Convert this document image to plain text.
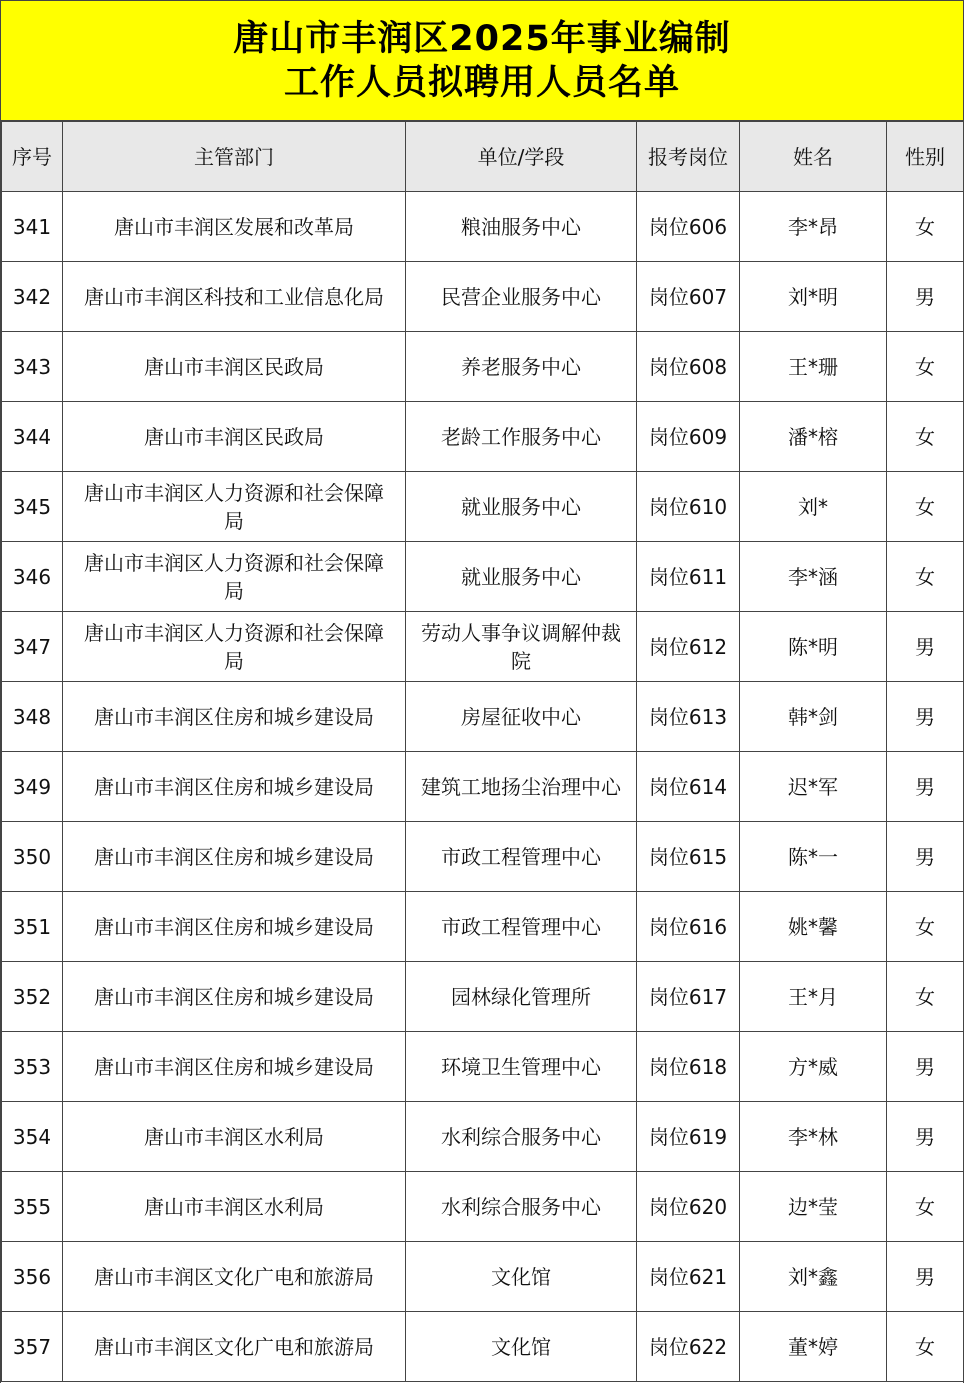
唐山市丰润区2025年事业编制
工作人员拟聘用人员名单
序号	主管部门	单位/学段	报考岗位	姓名	性别
341	唐山市丰润区发展和改革局	粮油服务中心	岗位606	李*昂	女
342	唐山市丰润区科技和工业信息化局	民营企业服务中心	岗位607	刘*明	男
343	唐山市丰润区民政局	养老服务中心	岗位608	王*珊	女
344	唐山市丰润区民政局	老龄工作服务中心	岗位609	潘*榕	女
345	唐山市丰润区人力资源和社会保障局	就业服务中心	岗位610	刘*	女
346	唐山市丰润区人力资源和社会保障局	就业服务中心	岗位611	李*涵	女
347	唐山市丰润区人力资源和社会保障局	劳动人事争议调解仲裁院	岗位612	陈*明	男
348	唐山市丰润区住房和城乡建设局	房屋征收中心	岗位613	韩*剑	男
349	唐山市丰润区住房和城乡建设局	建筑工地扬尘治理中心	岗位614	迟*军	男
350	唐山市丰润区住房和城乡建设局	市政工程管理中心	岗位615	陈*一	男
351	唐山市丰润区住房和城乡建设局	市政工程管理中心	岗位616	姚*馨	女
352	唐山市丰润区住房和城乡建设局	园林绿化管理所	岗位617	王*月	女
353	唐山市丰润区住房和城乡建设局	环境卫生管理中心	岗位618	方*威	男
354	唐山市丰润区水利局	水利综合服务中心	岗位619	李*林	男
355	唐山市丰润区水利局	水利综合服务中心	岗位620	边*莹	女
356	唐山市丰润区文化广电和旅游局	文化馆	岗位621	刘*鑫	男
357	唐山市丰润区文化广电和旅游局	文化馆	岗位622	董*婷	女
